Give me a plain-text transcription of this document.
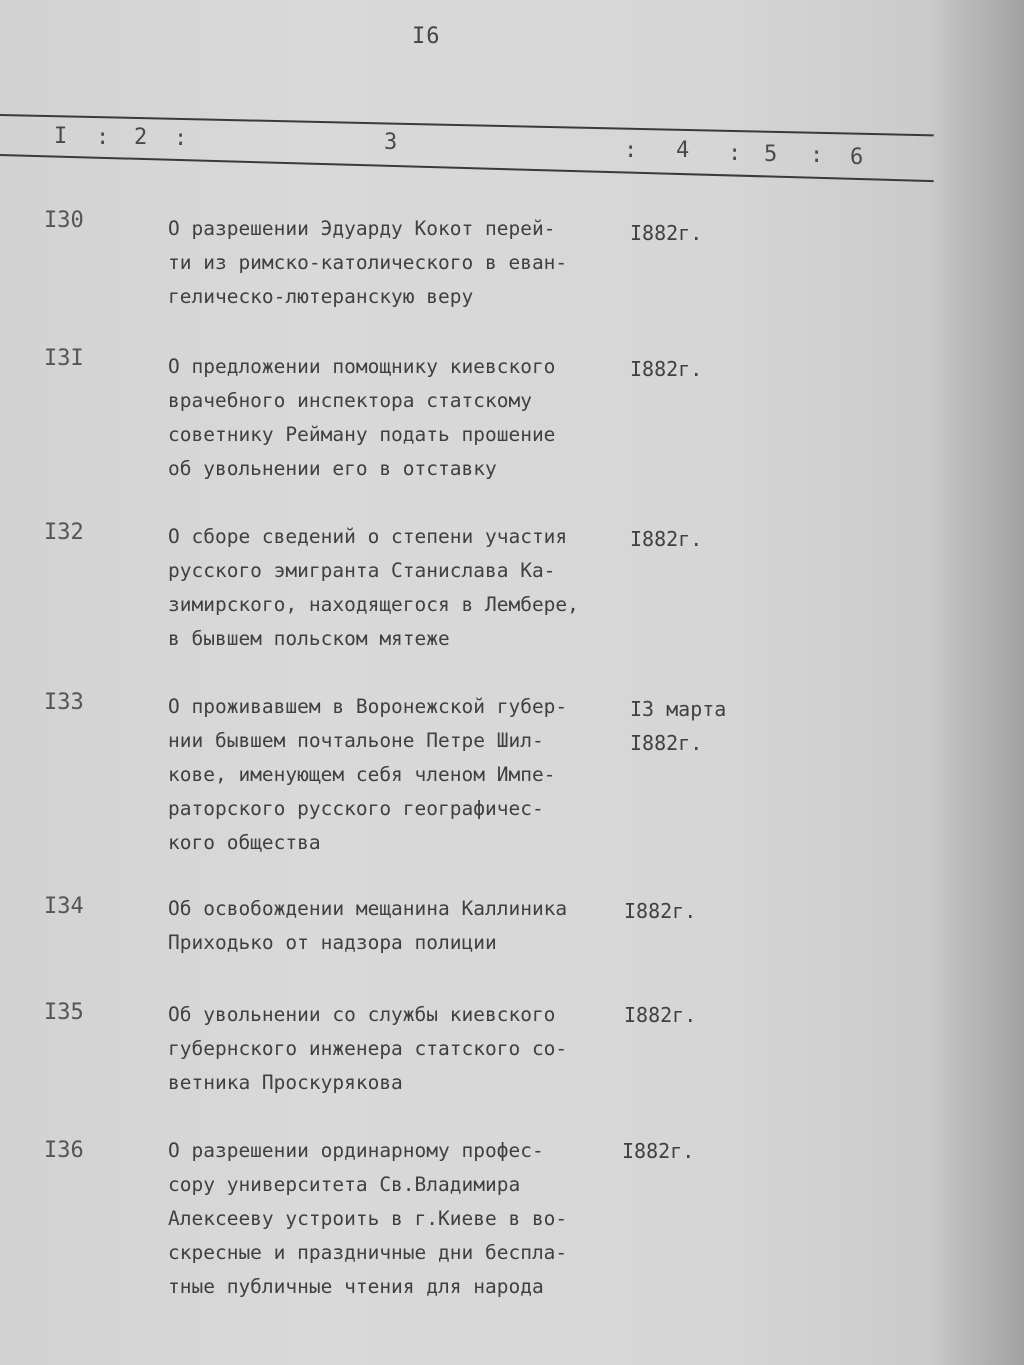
I6
I : 2 :	3	: 4 : 5 : 6
I30	О разрешении Эдуарду Кокот перей-
ти из римско-католического в еван-
гелическо-лютеранскую веру
I882г.
I3I	О предложении помощнику киевского
врачебного инспектора статскому
советнику Рейману подать прошение
об увольнении его в отставку
I882г.
I32	О сборе сведений о степени участия
русского эмигранта Станислава Ка-
зимирского, находящегося в Лембере,
в бывшем польском мятеже
I882г.
I33	О проживавшем в Воронежской губер-
нии бывшем почтальоне Петре Шил-
кове, именующем себя членом Импе-
раторского русского географичес-
кого общества
I3 марта
I882г.
I34	Об освобождении мещанина Каллиника
Приходько от надзора полиции
I882г.
I35	Об увольнении со службы киевского
губернского инженера статского со-
ветника Проскурякова
I882г.
I36	О разрешении ординарному профес-
сору университета Св.Владимира
Алексееву устроить в г.Киеве в во-
скресные и праздничные дни бесплa-
тные публичные чтения для народа
I882г.
